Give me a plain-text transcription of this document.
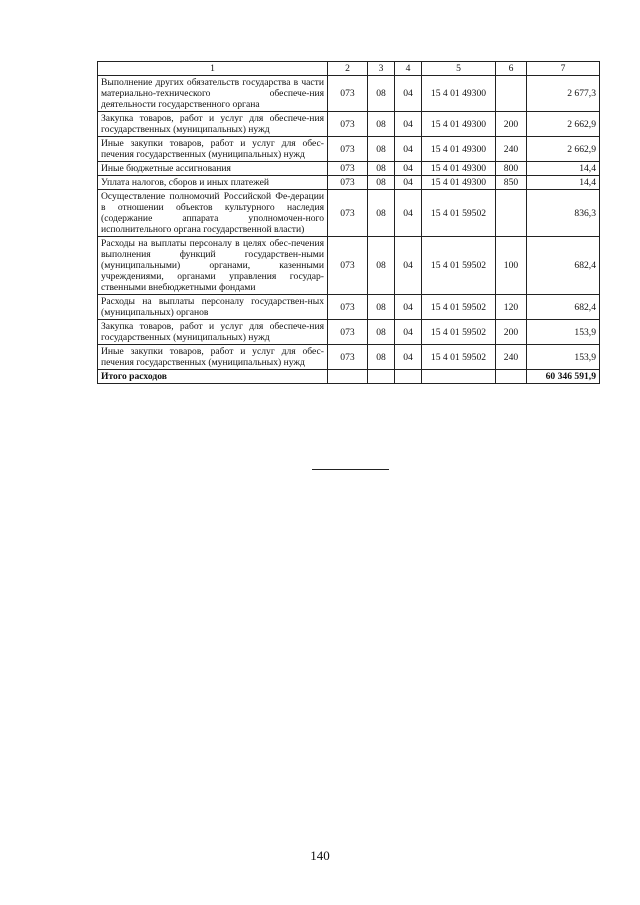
1	2	3	4	5	6	7
Выполнение других обязательств государства в части материально-технического обеспече-ния деятельности государственного органа	073	08	04	15 4 01 49300		2 677,3
Закупка товаров, работ и услуг для обеспече-ния государственных (муниципальных) нужд	073	08	04	15 4 01 49300	200	2 662,9
Иные закупки товаров, работ и услуг для обес-печения государственных (муниципальных) нужд	073	08	04	15 4 01 49300	240	2 662,9
Иные бюджетные ассигнования	073	08	04	15 4 01 49300	800	14,4
Уплата налогов, сборов и иных платежей	073	08	04	15 4 01 49300	850	14,4
Осуществление полномочий Российской Фе-дерации в отношении объектов культурного наследия (содержание аппарата уполномочен-ного исполнительного органа государственной власти)	073	08	04	15 4 01 59502		836,3
Расходы на выплаты персоналу в целях обес-печения выполнения функций государствен-ными (муниципальными) органами, казенными учреждениями, органами управления государ-ственными внебюджетными фондами	073	08	04	15 4 01 59502	100	682,4
Расходы на выплаты персоналу государствен-ных (муниципальных) органов	073	08	04	15 4 01 59502	120	682,4
Закупка товаров, работ и услуг для обеспече-ния государственных (муниципальных) нужд	073	08	04	15 4 01 59502	200	153,9
Иные закупки товаров, работ и услуг для обес-печения государственных (муниципальных) нужд	073	08	04	15 4 01 59502	240	153,9
Итого расходов						60 346 591,9
140
